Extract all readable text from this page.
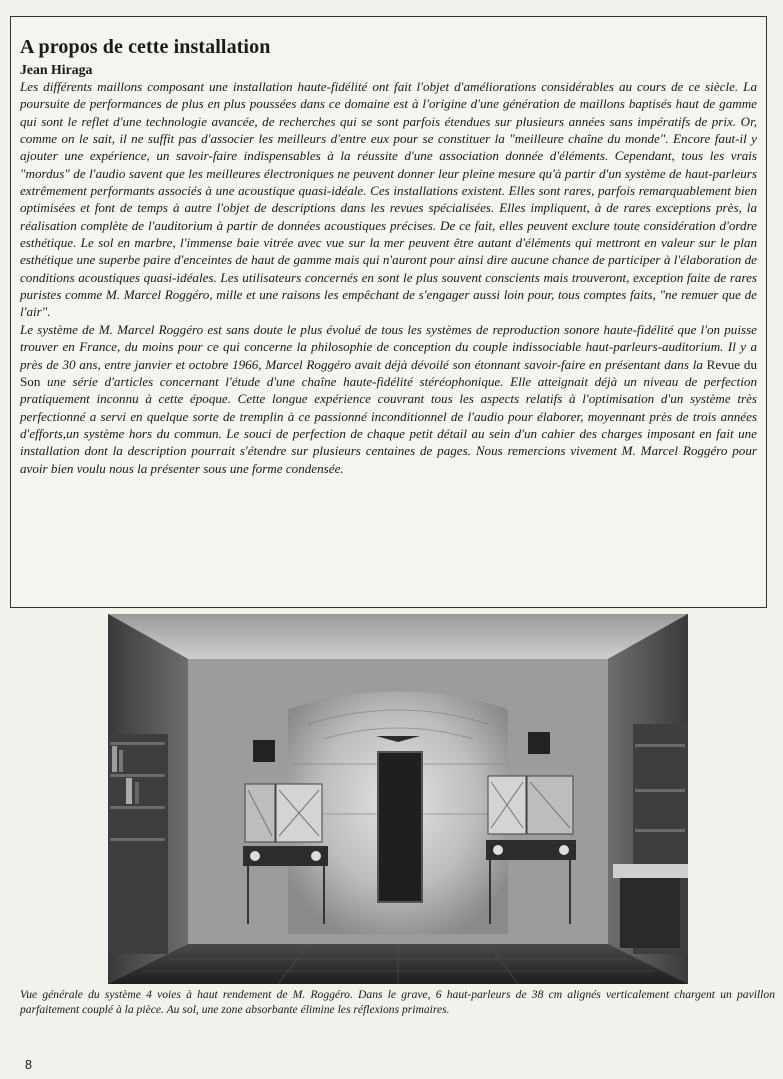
A propos de cette installation
Jean Hiraga

Les différents maillons composant une installation haute-fidélité ont fait l'objet d'améliorations considérables au cours de ce siècle. La poursuite de performances de plus en plus poussées dans ce domaine est à l'origine d'une génération de maillons baptisés haut de gamme qui sont le reflet d'une technologie avancée, de recherches qui se sont parfois étendues sur plusieurs années sans impératifs de prix. Or, comme on le sait, il ne suffit pas d'associer les meilleurs d'entre eux pour se constituer la "meilleure chaîne du monde". Encore faut-il y ajouter une expérience, un savoir-faire indispensables à la réussite d'une association donnée d'éléments. Cependant, tous les vrais "mordus" de l'audio savent que les meilleures électroniques ne peuvent donner leur pleine mesure qu'à partir d'un système de haut-parleurs extrêmement performants associés à une acoustique quasi-idéale. Ces installations existent. Elles sont rares, parfois remarquablement bien optimisées et font de temps à autre l'objet de descriptions dans les revues spécialisées. Elles impliquent, à de rares exceptions près, la réalisation complète de l'auditorium à partir de données acoustiques précises. De ce fait, elles peuvent exclure toute considération d'ordre esthétique. Le sol en marbre, l'immense baie vitrée avec vue sur la mer peuvent être autant d'éléments qui mettront en valeur sur le plan esthétique une superbe paire d'enceintes de haut de gamme mais qui n'auront pour ainsi dire aucune chance de participer à l'élaboration de conditions acoustiques quasi-idéales. Les utilisateurs concernés en sont le plus souvent conscients mais trouveront, exception faite de rares puristes comme M. Marcel Roggéro, mille et une raisons les empêchant de s'engager aussi loin pour, tous comptes faits, "ne remuer que de l'air".

Le système de M. Marcel Roggéro est sans doute le plus évolué de tous les systèmes de reproduction sonore haute-fidélité que l'on puisse trouver en France, du moins pour ce qui concerne la philosophie de conception du couple indissociable haut-parleurs-auditorium. Il y a près de 30 ans, entre janvier et octobre 1966, Marcel Roggéro avait déjà dévoilé son étonnant savoir-faire en présentant dans la Revue du Son une série d'articles concernant l'étude d'une chaîne haute-fidélité stéréophonique. Elle atteignait déjà un niveau de perfection pratiquement inconnu à cette époque. Cette longue expérience couvrant tous les aspects relatifs à l'optimisation d'un système très perfectionné a servi en quelque sorte de tremplin à ce passionné inconditionnel de l'audio pour élaborer, moyennant près de trois années d'efforts,un système hors du commun. Le souci de perfection de chaque petit détail au sein d'un cahier des charges imposant en fait une installation dont la description pourrait s'étendre sur plusieurs centaines de pages. Nous remercions vivement M. Marcel Roggéro pour avoir bien voulu nous la présenter sous une forme condensée.

Vue générale du système 4 voies à haut rendement de M. Roggéro. Dans le grave, 6 haut-parleurs de 38 cm alignés verticalement chargent un pavillon parfaitement couplé à la pièce. Au sol, une zone absorbante élimine les réflexions primaires.

8
